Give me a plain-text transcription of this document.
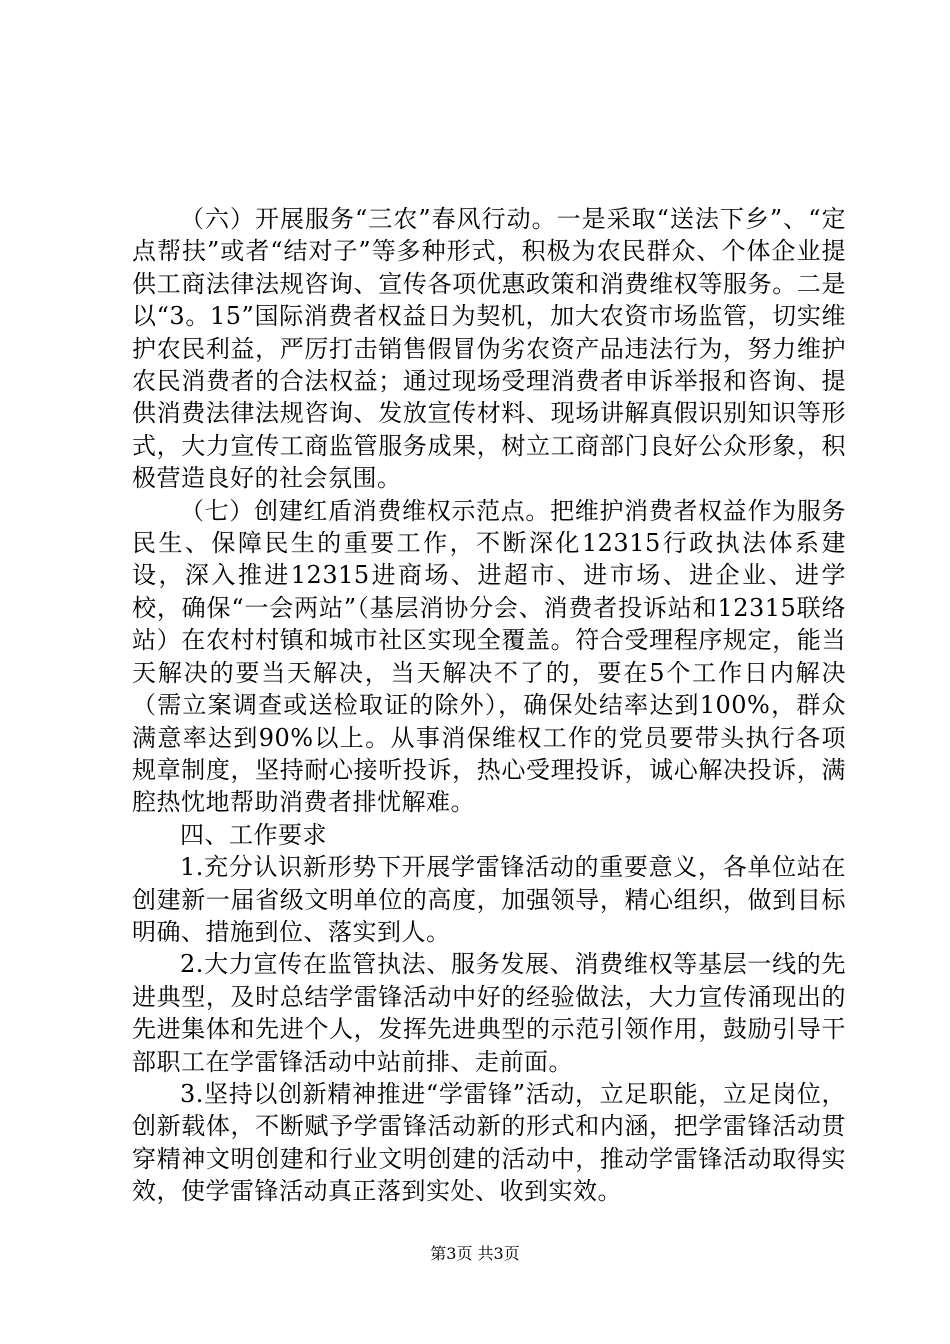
（六）开展服务“三农”春风行动。一是采取“送法下乡”、“定点帮扶”或者“结对子”等多种形式，积极为农民群众、个体企业提供工商法律法规咨询、宣传各项优惠政策和消费维权等服务。二是以“3。15”国际消费者权益日为契机，加大农资市场监管，切实维护农民利益，严厉打击销售假冒伪劣农资产品违法行为，努力维护农民消费者的合法权益；通过现场受理消费者申诉举报和咨询、提供消费法律法规咨询、发放宣传材料、现场讲解真假识别知识等形式，大力宣传工商监管服务成果，树立工商部门良好公众形象，积极营造良好的社会氛围。

（七）创建红盾消费维权示范点。把维护消费者权益作为服务民生、保障民生的重要工作，不断深化12315行政执法体系建设，深入推进12315进商场、进超市、进市场、进企业、进学校，确保“一会两站”（基层消协分会、消费者投诉站和12315联络站）在农村村镇和城市社区实现全覆盖。符合受理程序规定，能当天解决的要当天解决，当天解决不了的，要在5个工作日内解决（需立案调查或送检取证的除外），确保处结率达到100%，群众满意率达到90%以上。从事消保维权工作的党员要带头执行各项规章制度，坚持耐心接听投诉，热心受理投诉，诚心解决投诉，满腔热忱地帮助消费者排忧解难。

四、工作要求

1.充分认识新形势下开展学雷锋活动的重要意义，各单位站在创建新一届省级文明单位的高度，加强领导，精心组织，做到目标明确、措施到位、落实到人。

2.大力宣传在监管执法、服务发展、消费维权等基层一线的先进典型，及时总结学雷锋活动中好的经验做法，大力宣传涌现出的先进集体和先进个人，发挥先进典型的示范引领作用，鼓励引导干部职工在学雷锋活动中站前排、走前面。

3.坚持以创新精神推进“学雷锋”活动，立足职能，立足岗位，创新载体，不断赋予学雷锋活动新的形式和内涵，把学雷锋活动贯穿精神文明创建和行业文明创建的活动中，推动学雷锋活动取得实效，使学雷锋活动真正落到实处、收到实效。

第3页 共3页
